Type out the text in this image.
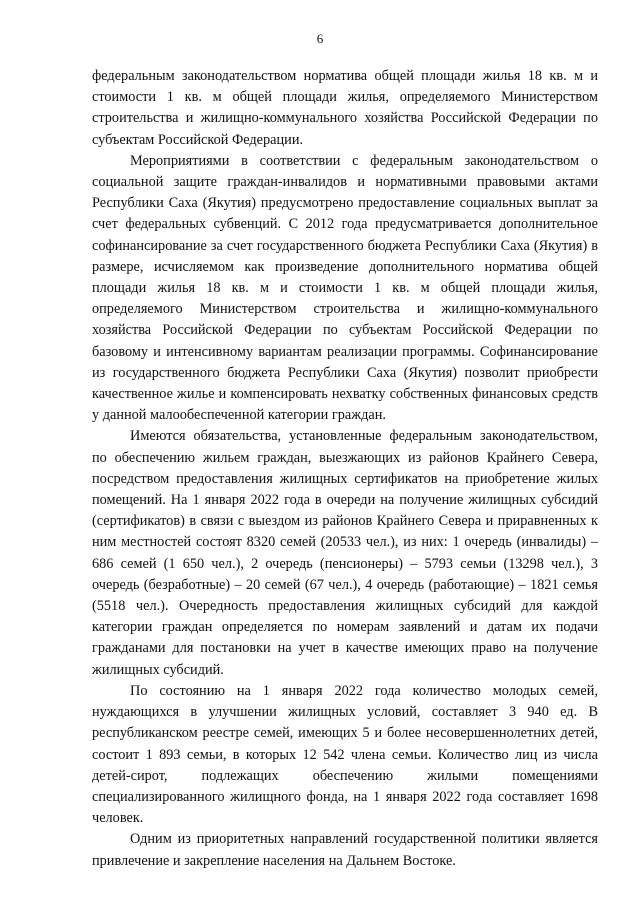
6

федеральным законодательством норматива общей площади жилья 18 кв. м и стоимости 1 кв. м общей площади жилья, определяемого Министерством строительства и жилищно-коммунального хозяйства Российской Федерации по субъектам Российской Федерации.

Мероприятиями в соответствии с федеральным законодательством о социальной защите граждан-инвалидов и нормативными правовыми актами Республики Саха (Якутия) предусмотрено предоставление социальных выплат за счет федеральных субвенций. С 2012 года предусматривается дополнительное софинансирование за счет государственного бюджета Республики Саха (Якутия) в размере, исчисляемом как произведение дополнительного норматива общей площади жилья 18 кв. м и стоимости 1 кв. м общей площади жилья, определяемого Министерством строительства и жилищно-коммунального хозяйства Российской Федерации по субъектам Российской Федерации по базовому и интенсивному вариантам реализации программы. Софинансирование из государственного бюджета Республики Саха (Якутия) позволит приобрести качественное жилье и компенсировать нехватку собственных финансовых средств у данной малообеспеченной категории граждан.

Имеются обязательства, установленные федеральным законодательством, по обеспечению жильем граждан, выезжающих из районов Крайнего Севера, посредством предоставления жилищных сертификатов на приобретение жилых помещений. На 1 января 2022 года в очереди на получение жилищных субсидий (сертификатов) в связи с выездом из районов Крайнего Севера и приравненных к ним местностей состоят 8320 семей (20533 чел.), из них: 1 очередь (инвалиды) – 686 семей (1 650 чел.), 2 очередь (пенсионеры) – 5793 семьи (13298 чел.), 3 очередь (безработные) – 20 семей (67 чел.), 4 очередь (работающие) – 1821 семья (5518 чел.). Очередность предоставления жилищных субсидий для каждой категории граждан определяется по номерам заявлений и датам их подачи гражданами для постановки на учет в качестве имеющих право на получение жилищных субсидий.

По состоянию на 1 января 2022 года количество молодых семей, нуждающихся в улучшении жилищных условий, составляет 3 940 ед. В республиканском реестре семей, имеющих 5 и более несовершеннолетних детей, состоит 1 893 семьи, в которых 12 542 члена семьи. Количество лиц из числа детей-сирот, подлежащих обеспечению жилыми помещениями специализированного жилищного фонда, на 1 января 2022 года составляет 1698 человек.

Одним из приоритетных направлений государственной политики является привлечение и закрепление населения на Дальнем Востоке.
